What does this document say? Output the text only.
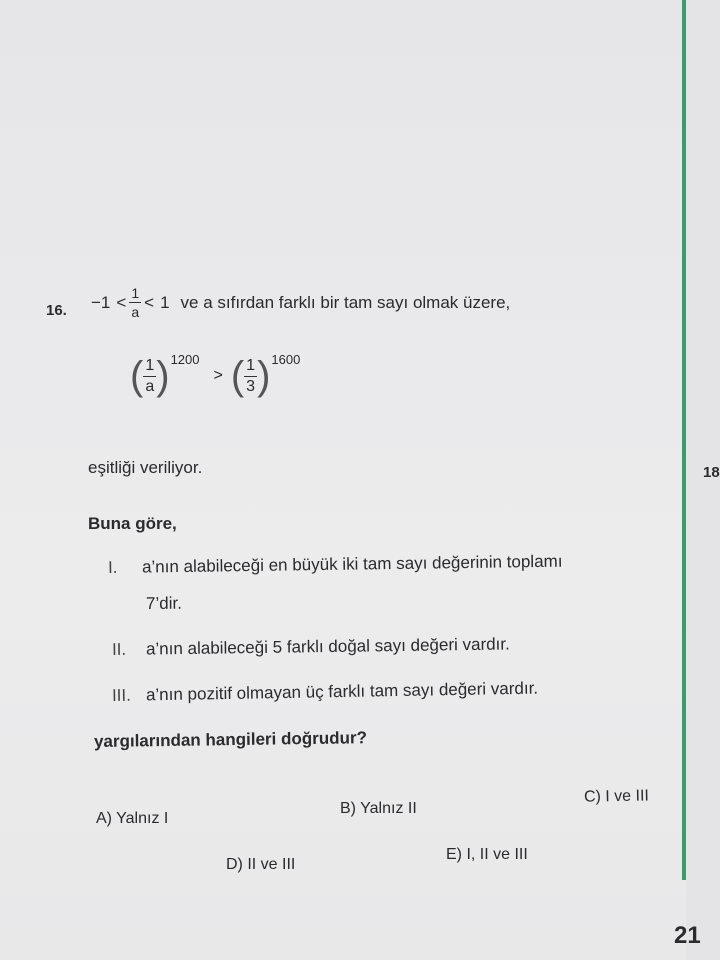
16. $-1 < \frac{1}{a} < 1$ ve a sıfırdan farklı bir tam sayı olmak üzere,
( $\frac{1}{a}$ ) 1200
> ( $\frac{1}{3}$ ) 1600
eşitliği veriliyor.
Buna göre,
I. a’nın alabileceği en büyük iki tam sayı değerinin toplamı
7’dir.
II. a’nın alabileceği 5 farklı doğal sayı değeri vardır.
III. a’nın pozitif olmayan üç farklı tam sayı değeri vardır.
yargılarından hangileri doğrudur?
A) Yalnız I
B) Yalnız II
C) I ve III
D) II ve III
E) I, II ve III
18
21
